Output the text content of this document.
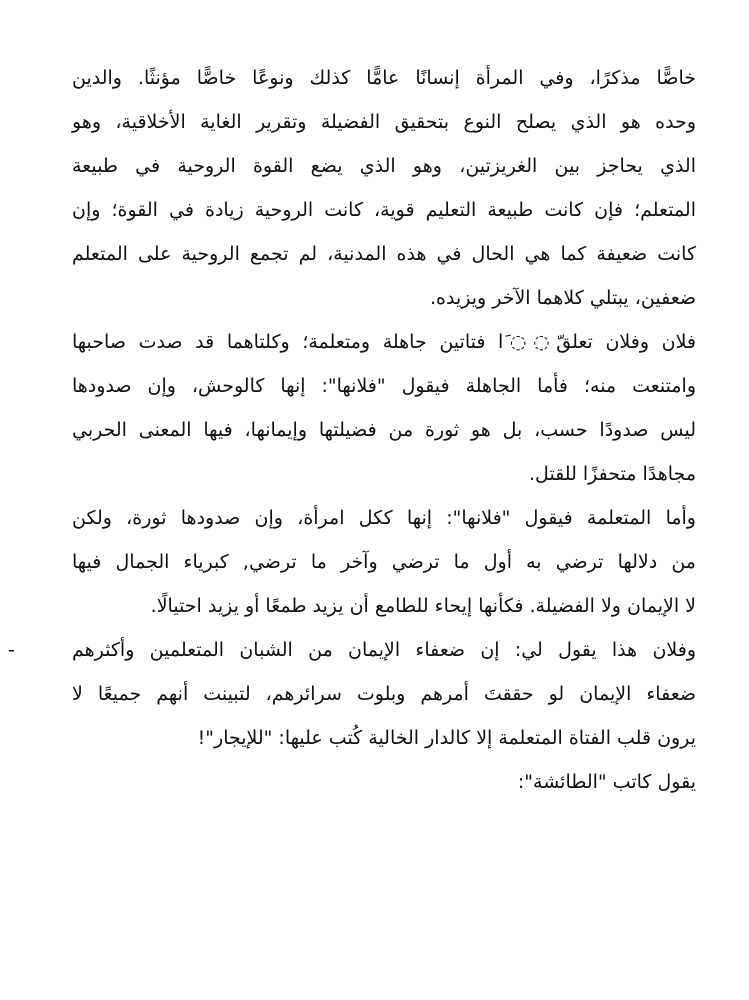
خاصًّا مذكرًا، وفي المرأة إنسانًا عامًّا كذلك ونوعًا خاصًّا مؤنثًا. والدين
وحده هو الذي يصلح النوع بتحقيق الفضيلة وتقرير الغاية الأخلاقية، وهو
الذي يحاجز بين الغريزتين، وهو الذي يضع القوة الروحية في طبيعة
المتعلم؛ فإن كانت طبيعة التعليم قوية، كانت الروحية زيادة في القوة؛ وإن
كانت ضعيفة كما هي الحال في هذه المدنية، لم تجمع الروحية على المتعلم
ضعفين، يبتلي كلاهما الآخر ويزيده.
فلان وفلان تعلقّ◌◌َا فتاتين جاهلة ومتعلمة؛ وكلتاهما قد صدت صاحبها
وامتنعت منه؛ فأما الجاهلة فيقول "فلانها": إنها كالوحش، وإن صدودها
ليس صدودًا حسب، بل هو ثورة من فضيلتها وإيمانها، فيها المعنى الحربي
مجاهدًا متحفزًا للقتل.
وأما المتعلمة فيقول "فلانها": إنها ككل امرأة، وإن صدودها ثورة، ولكن
من دلالها ترضي به أول ما ترضي وآخر ما ترضي, كبرياء الجمال فيها
لا الإيمان ولا الفضيلة. فكأنها إيحاء للطامع أن يزيد طمعًا أو يزيد احتيالًا.
-	وفلان هذا يقول لي: إن ضعفاء الإيمان من الشبان المتعلمين وأكثرهم
ضعفاء الإيمان لو حققتَ أمرهم وبلوت سرائرهم، لتبينت أنهم جميعًا لا
يرون قلب الفتاة المتعلمة إلا كالدار الخالية كُتب عليها: "للإيجار"!
يقول كاتب "الطائشة":
